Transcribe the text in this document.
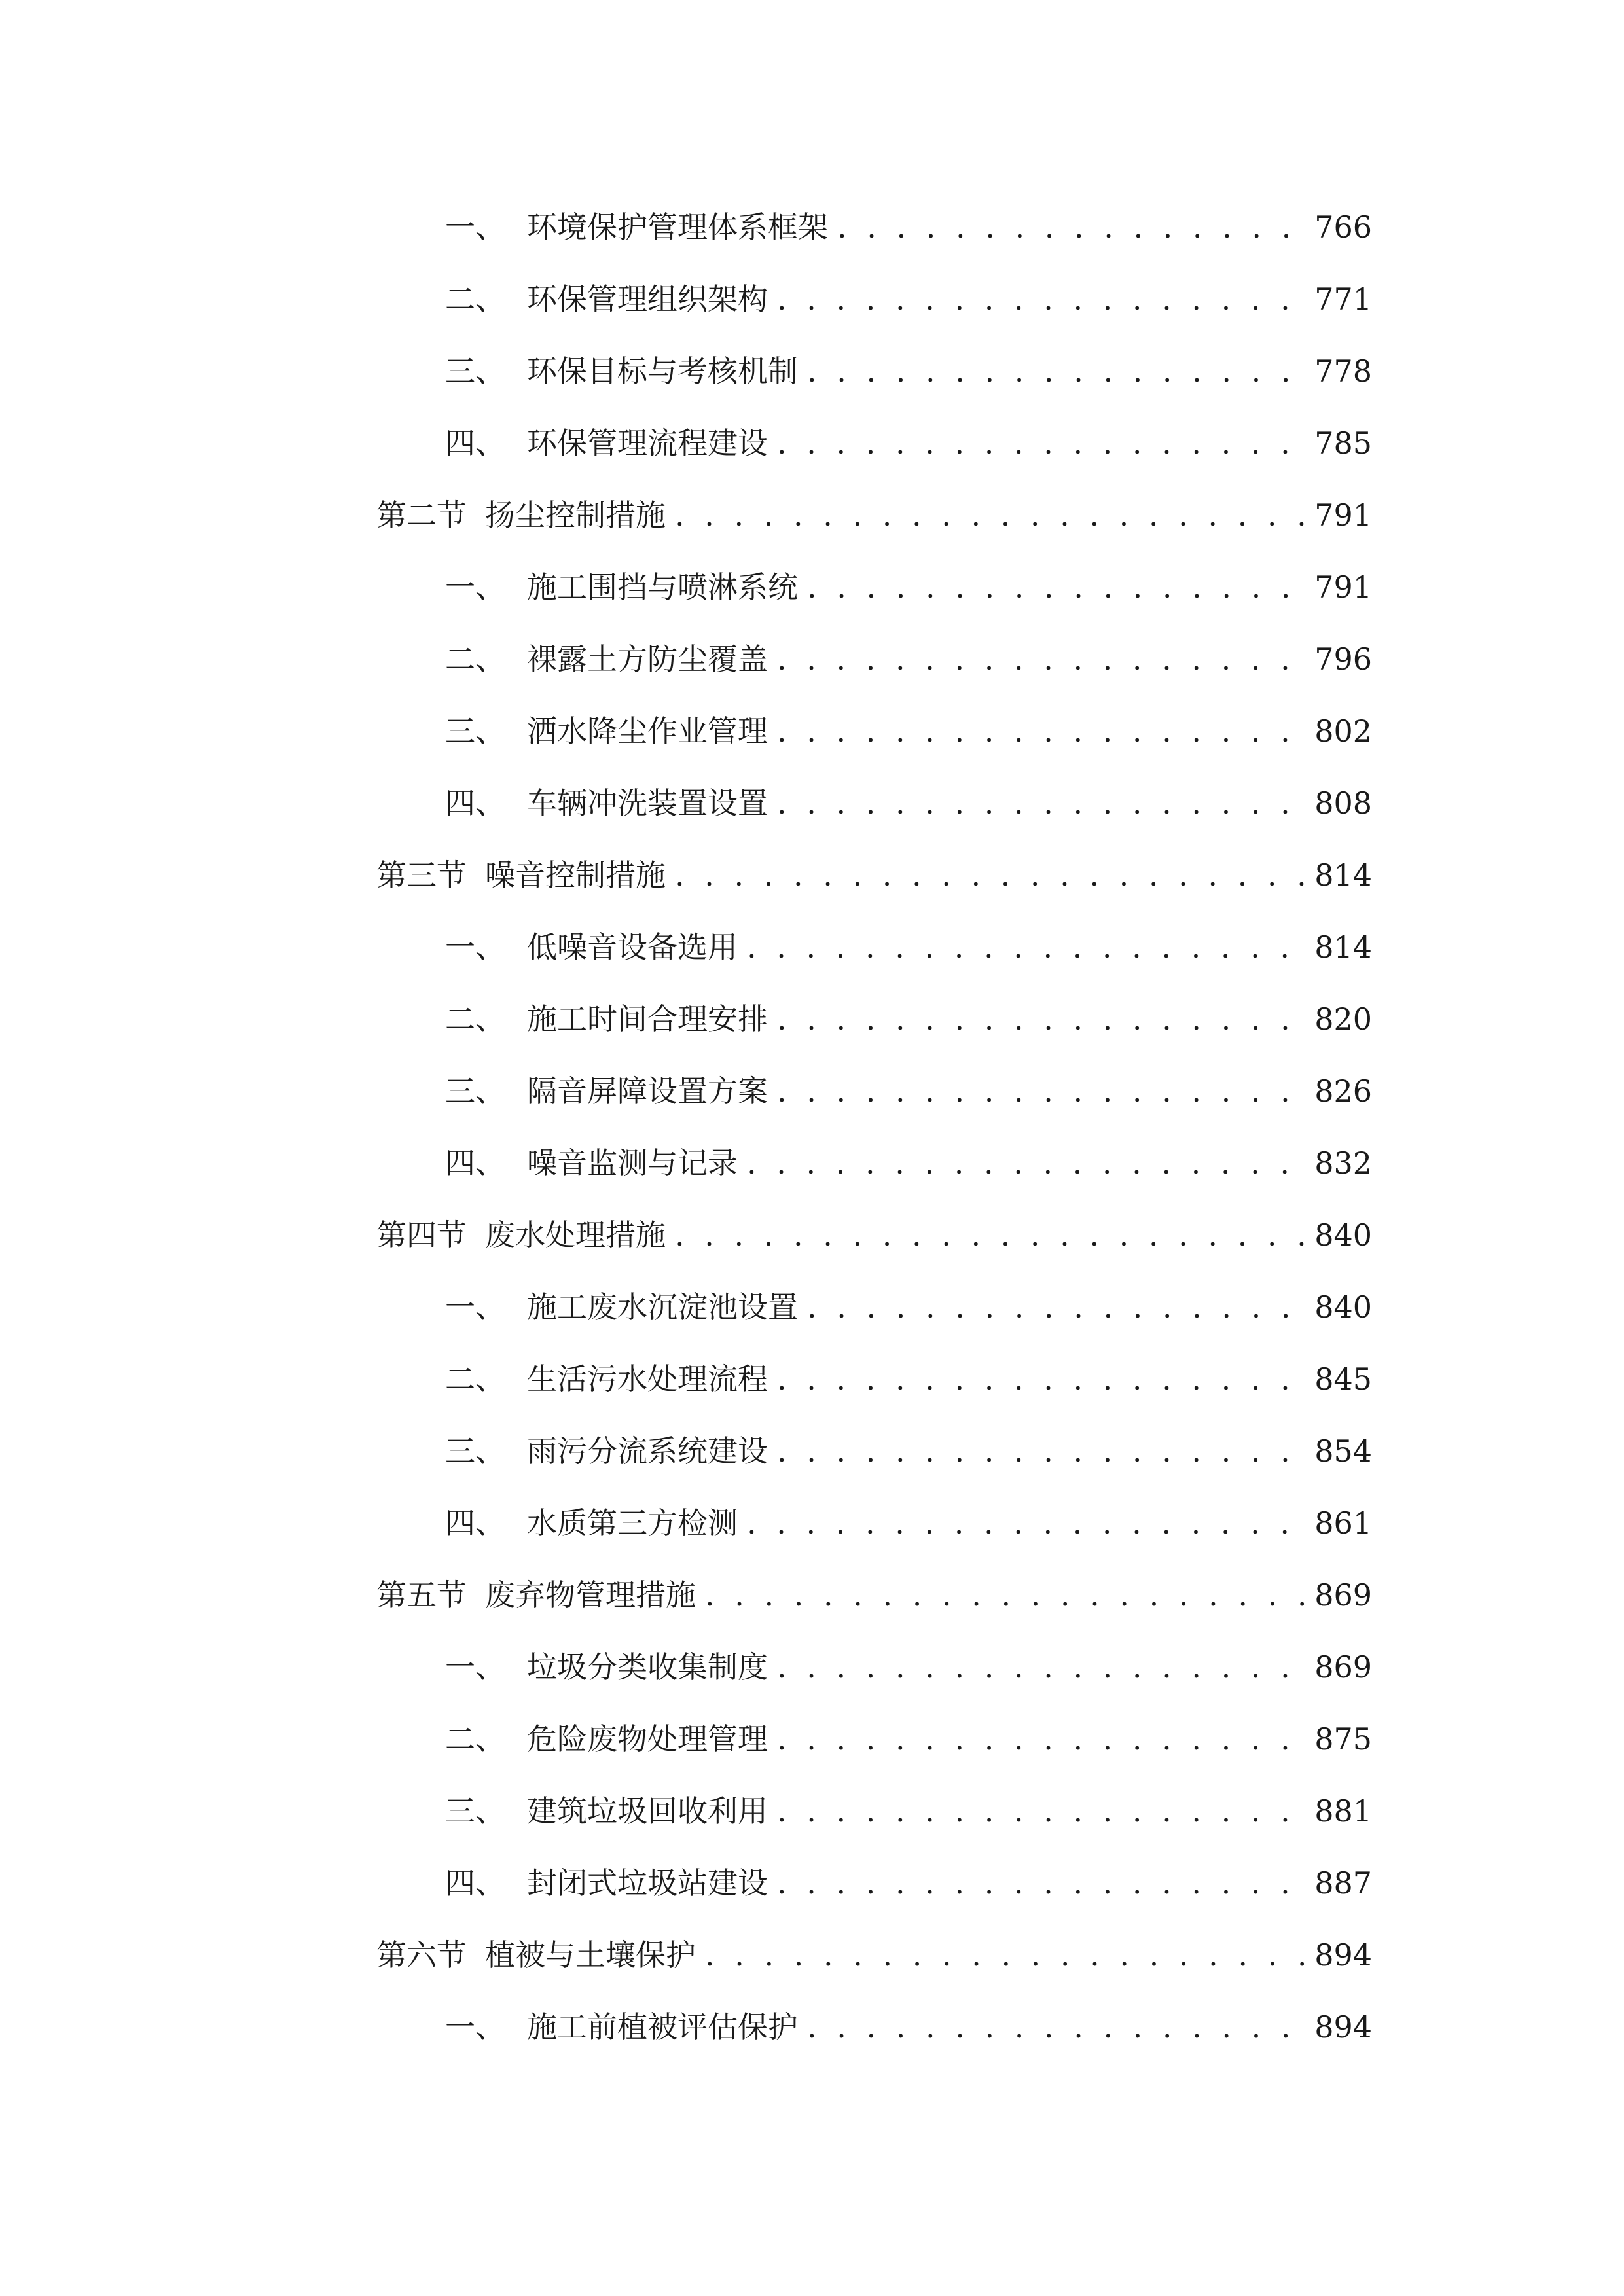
一、 环境保护管理体系框架 . . .	766
二、 环保管理组织架构 . . .	771
三、 环保目标与考核机制 . . .	778
四、 环保管理流程建设 . . .	785
第二节 扬尘控制措施 . . .	791
一、 施工围挡与喷淋系统 . . .	791
二、 裸露土方防尘覆盖 . . .	796
三、 洒水降尘作业管理 . . .	802
四、 车辆冲洗装置设置 . . .	808
第三节 噪音控制措施 . . .	814
一、 低噪音设备选用 . . .	814
二、 施工时间合理安排 . . .	820
三、 隔音屏障设置方案 . . .	826
四、 噪音监测与记录 . . .	832
第四节 废水处理措施 . . .	840
一、 施工废水沉淀池设置 . . .	840
二、 生活污水处理流程 . . .	845
三、 雨污分流系统建设 . . .	854
四、 水质第三方检测 . . .	861
第五节 废弃物管理措施 . . .	869
一、 垃圾分类收集制度 . . .	869
二、 危险废物处理管理 . . .	875
三、 建筑垃圾回收利用 . . .	881
四、 封闭式垃圾站建设 . . .	887
第六节 植被与土壤保护 . . .	894
一、 施工前植被评估保护 . . .	894
